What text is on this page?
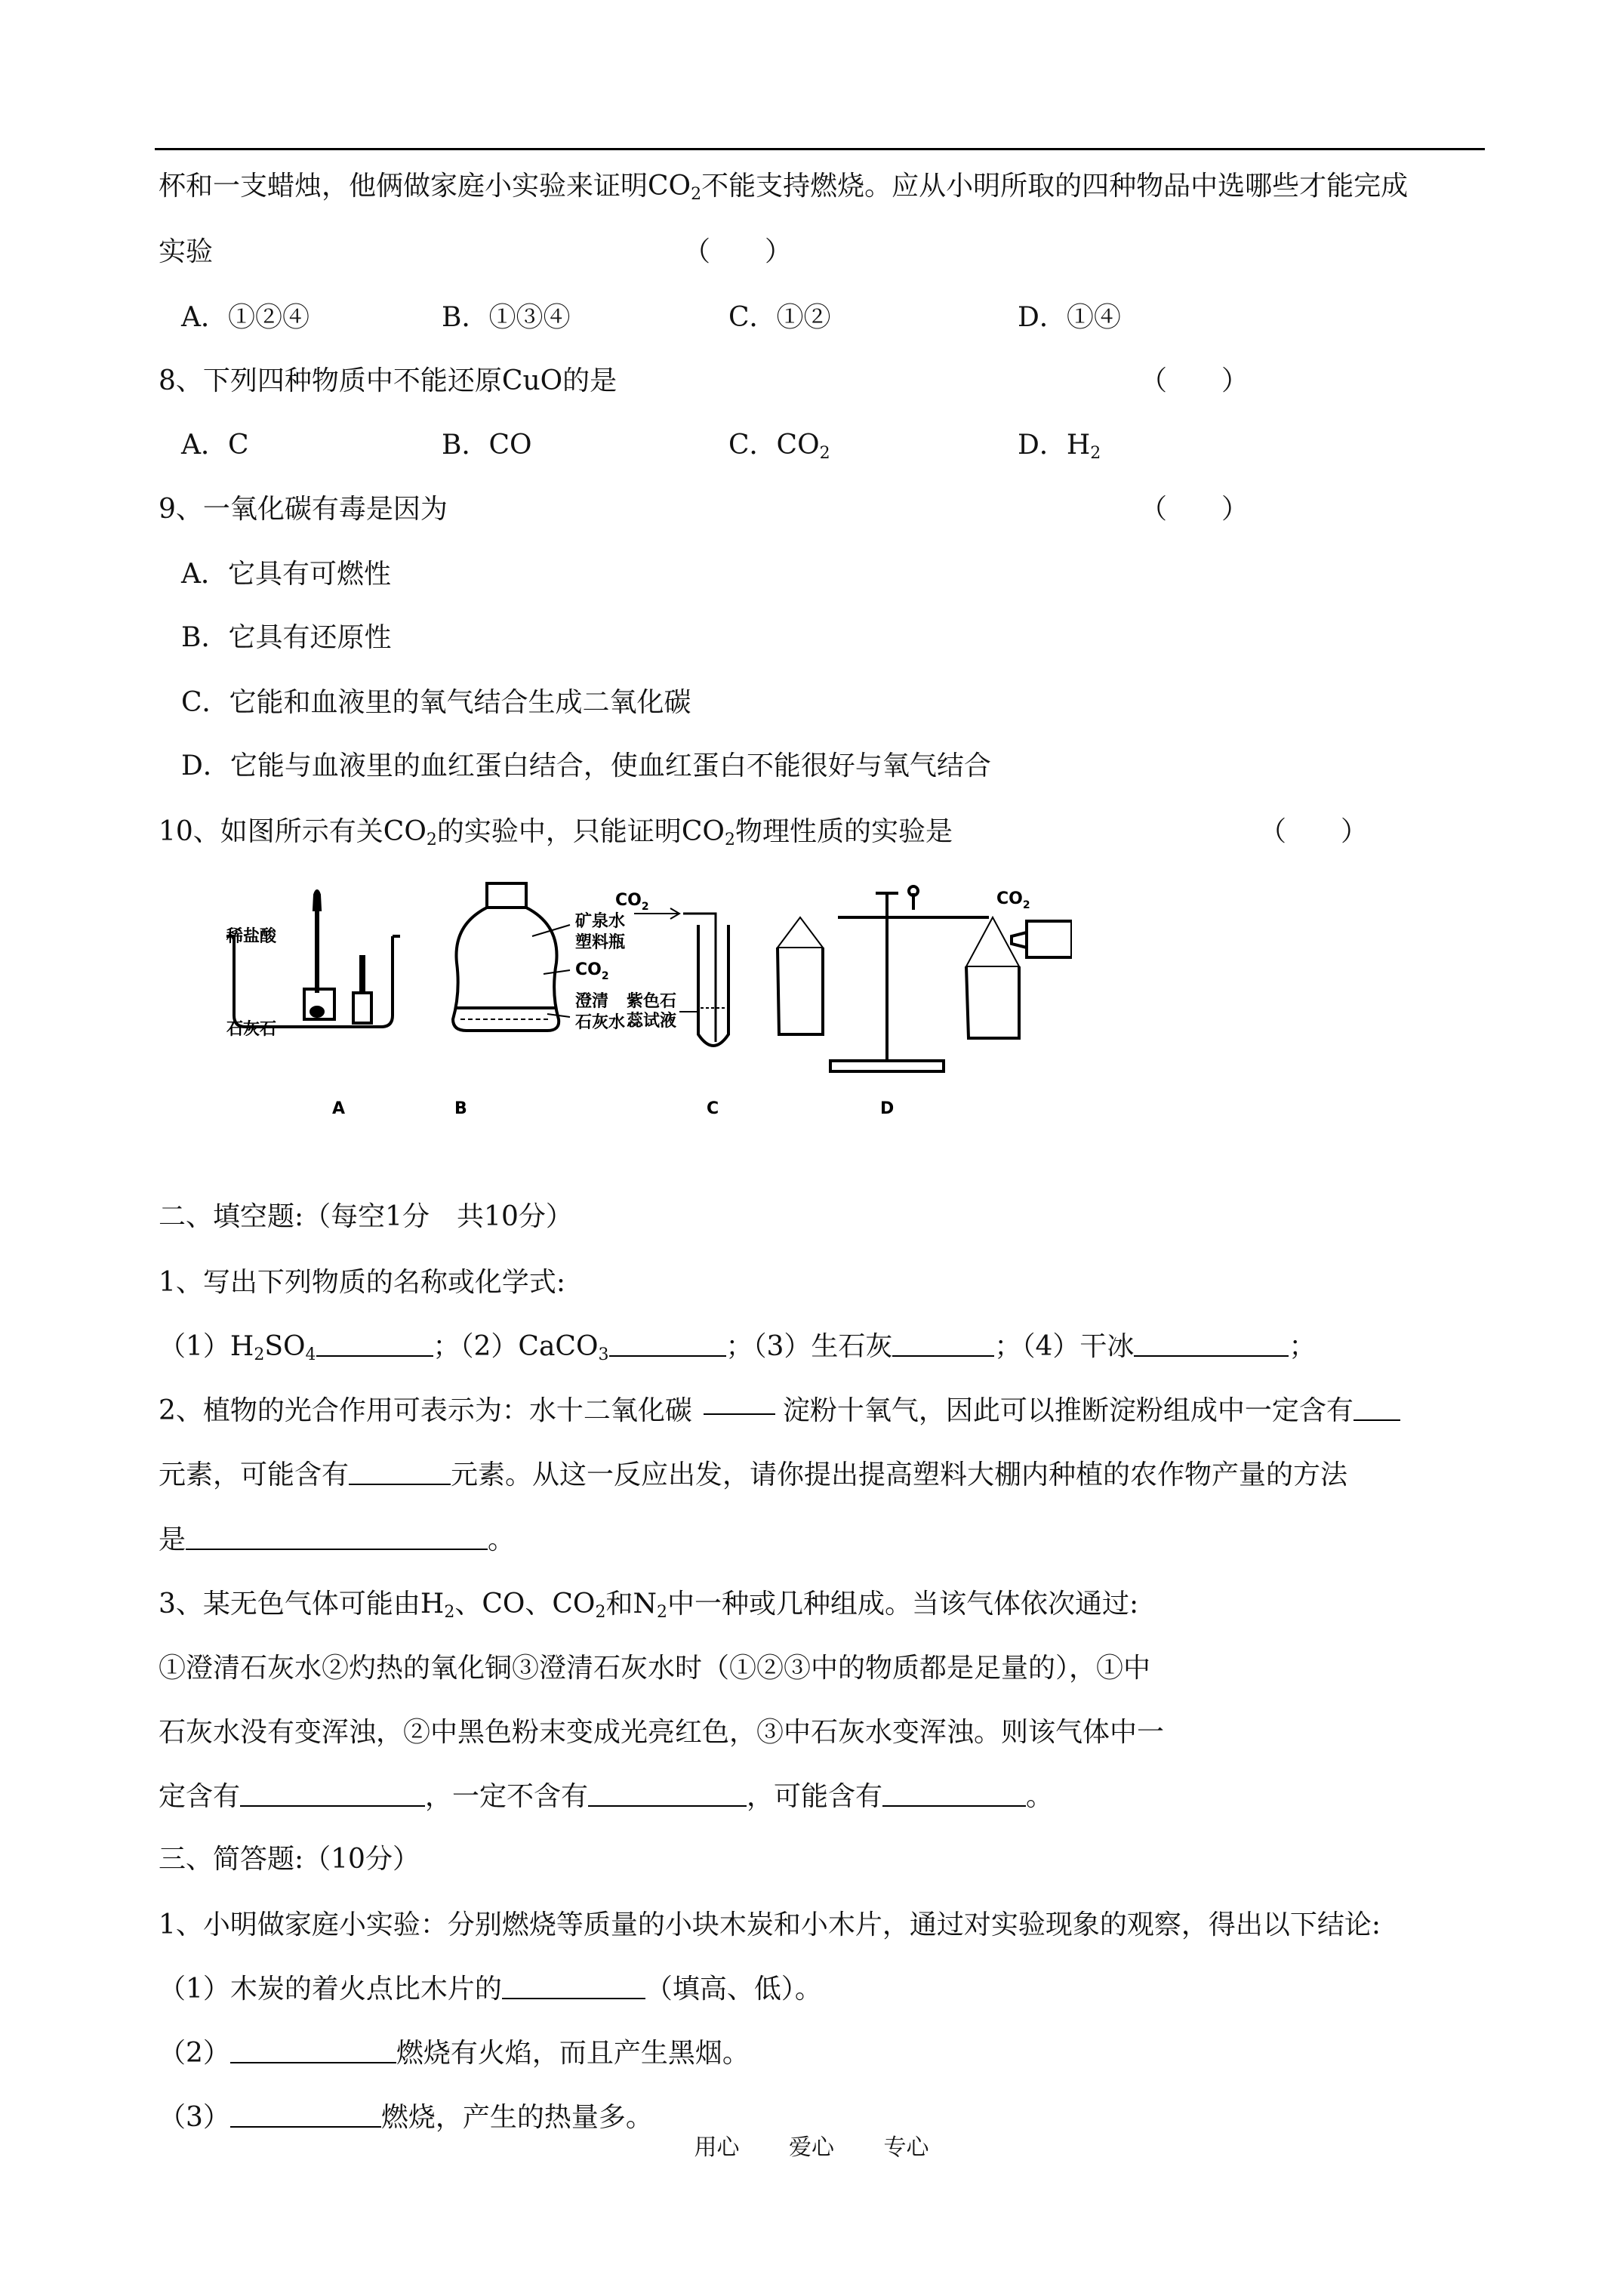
杯和一支蜡烛，他俩做家庭小实验来证明$CO_2$不能支持燃烧。应从小明所取的四种物品中选哪些才能完成
实验	（　　）
A．①②④	B．①③④	C．①②	D．①④
8、下列四种物质中不能还原CuO的是	（　　）
A．C	B．CO	C．$CO_2$	D．$H_2$
9、一氧化碳有毒是因为	（　　）
A．它具有可燃性
B．它具有还原性
C．它能和血液里的氧气结合生成二氧化碳
D．它能与血液里的血红蛋白结合，使血红蛋白不能很好与氧气结合
10、如图所示有关$CO_2$的实验中，只能证明$CO_2$物理性质的实验是	（　　）
稀盐酸
石灰石
矿泉水
塑料瓶
$CO_2$
澄清
石灰水
$CO_2$
紫色石
蕊试液
$CO_2$
A	B	C	D
二、填空题:（每空1分　共10分）
1、写出下列物质的名称或化学式:
$(1)H_2SO_4$	；（2）CaCO$_3$	；（3）生石灰	；（4）干冰	；
2、植物的光合作用可表示为：水十二氧化碳	淀粉十氧气，因此可以推断淀粉组成中一定含有
元素，可能含有	元素。从这一反应出发，请你提出提高塑料大棚内种植的农作物产量的方法
是	。
3、某无色气体可能由$H_2$、CO、$CO_2$和$N_2$中一种或几种组成。当该气体依次通过:
①澄清石灰水②灼热的氧化铜③澄清石灰水时（①②③中的物质都是足量的），①中
石灰水没有变浑浊，②中黑色粉末变成光亮红色，③中石灰水变浑浊。则该气体中一
定含有	，一定不含有	，可能含有	。
三、简答题:（10分）
1、小明做家庭小实验：分别燃烧等质量的小块木炭和小木片，通过对实验现象的观察，得出以下结论:
（1）木炭的着火点比木片的	（填高、低）。
（2）	燃烧有火焰，而且产生黑烟。
（3）	燃烧，产生的热量多。
用心 爱心 专心
